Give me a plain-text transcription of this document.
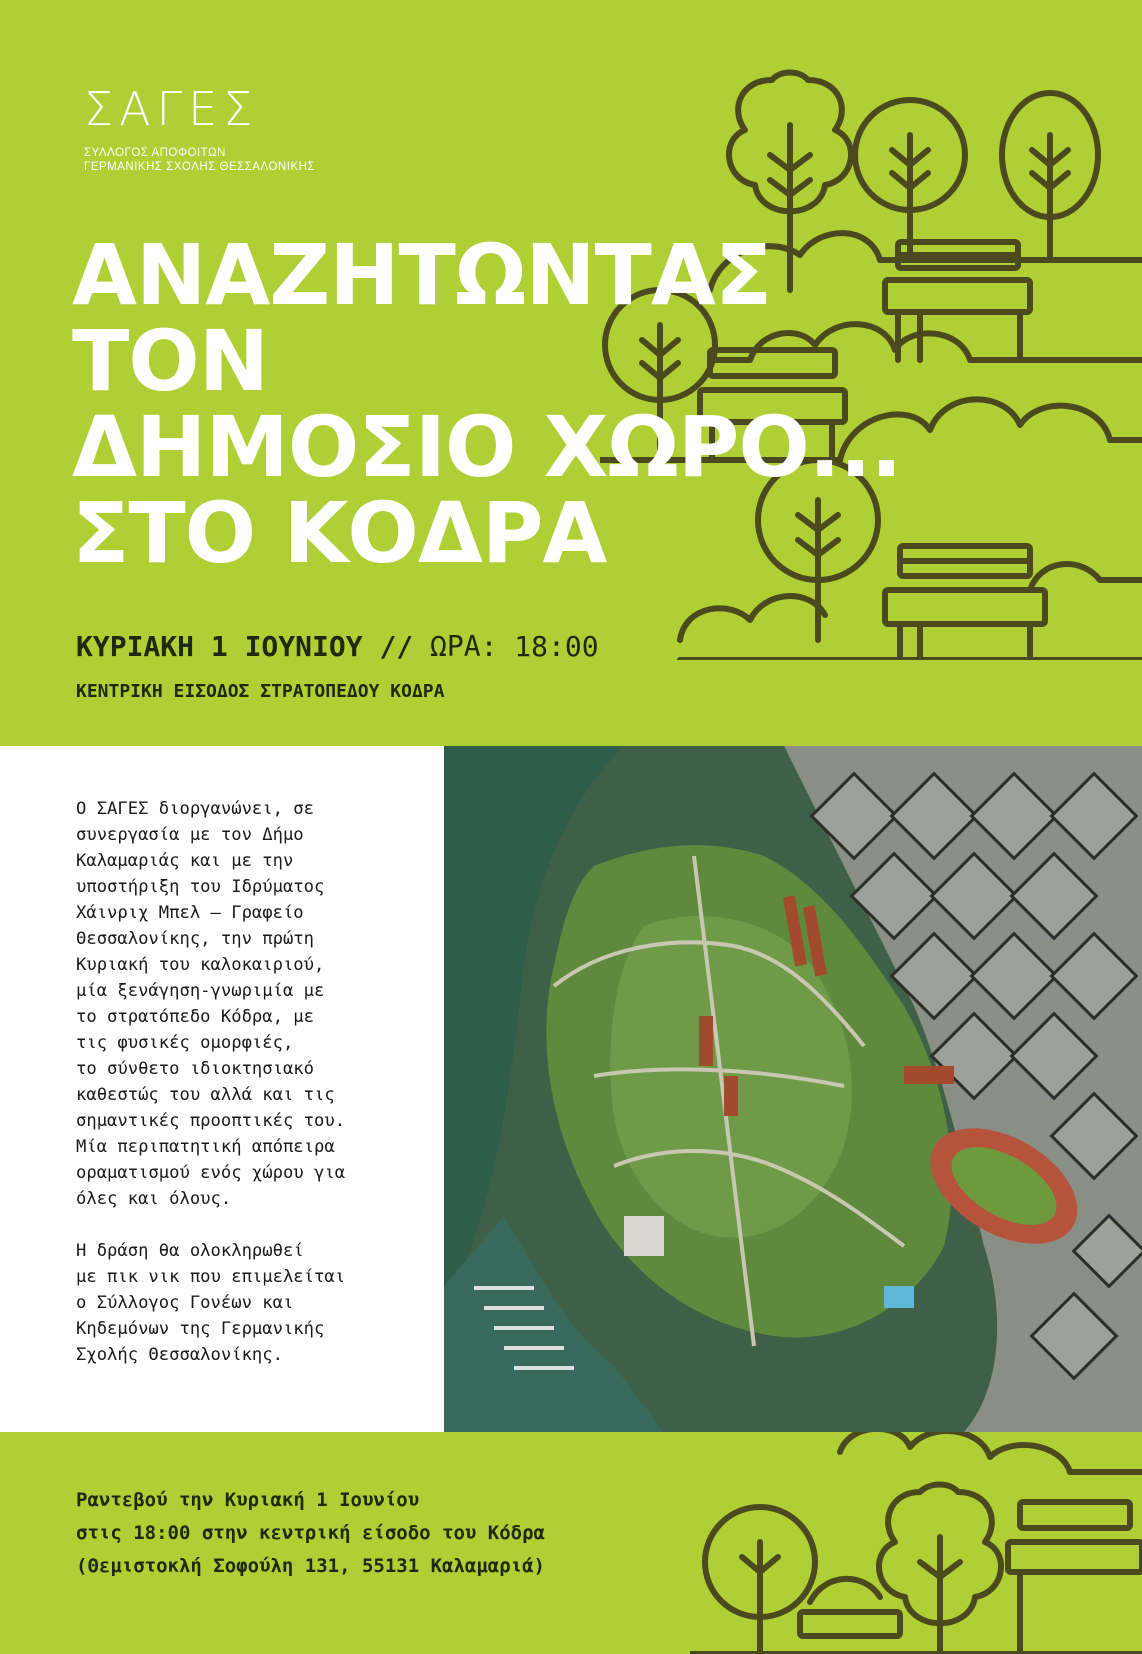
ΣΑΓΕΣ
ΣΥΛΛΟΓΟΣ ΑΠΟΦΟΙΤΩΝ
ΓΕΡΜΑΝΙΚΗΣ ΣΧΟΛΗΣ ΘΕΣΣΑΛΟΝΙΚΗΣ
ΑΝΑΖΗΤΩΝΤΑΣ
ΤΟΝ
ΔΗΜΟΣΙΟ ΧΩΡΟ...
ΣΤΟ ΚΟΔΡΑ
ΚΥΡΙΑΚΗ 1 ΙΟΥΝΙΟΥ // ΩΡΑ: 18:00
ΚΕΝΤΡΙΚΗ ΕΙΣΟΔΟΣ ΣΤΡΑΤΟΠΕΔΟΥ ΚΟΔΡΑ

Ο ΣΑΓΕΣ διοργανώνει, σε
συνεργασία με τον Δήμο
Καλαμαριάς και με την
υποστήριξη του Ιδρύματος
Χάινριχ Μπελ – Γραφείο
Θεσσαλονίκης, την πρώτη
Κυριακή του καλοκαιριού,
μία ξενάγηση-γνωριμία με
το στρατόπεδο Κόδρα, με
τις φυσικές ομορφιές,
το σύνθετο ιδιοκτησιακό
καθεστώς του αλλά και τις
σημαντικές προοπτικές του.
Μία περιπατητική απόπειρα
οραματισμού ενός χώρου για
όλες και όλους.

Η δράση θα ολοκληρωθεί
με πικ νικ που επιμελείται
ο Σύλλογος Γονέων και
Κηδεμόνων της Γερμανικής
Σχολής Θεσσαλονίκης.

Ραντεβού την Κυριακή 1 Ιουνίου
στις 18:00 στην κεντρική είσοδο του Κόδρα
(Θεμιστοκλή Σοφούλη 131, 55131 Καλαμαριά)
